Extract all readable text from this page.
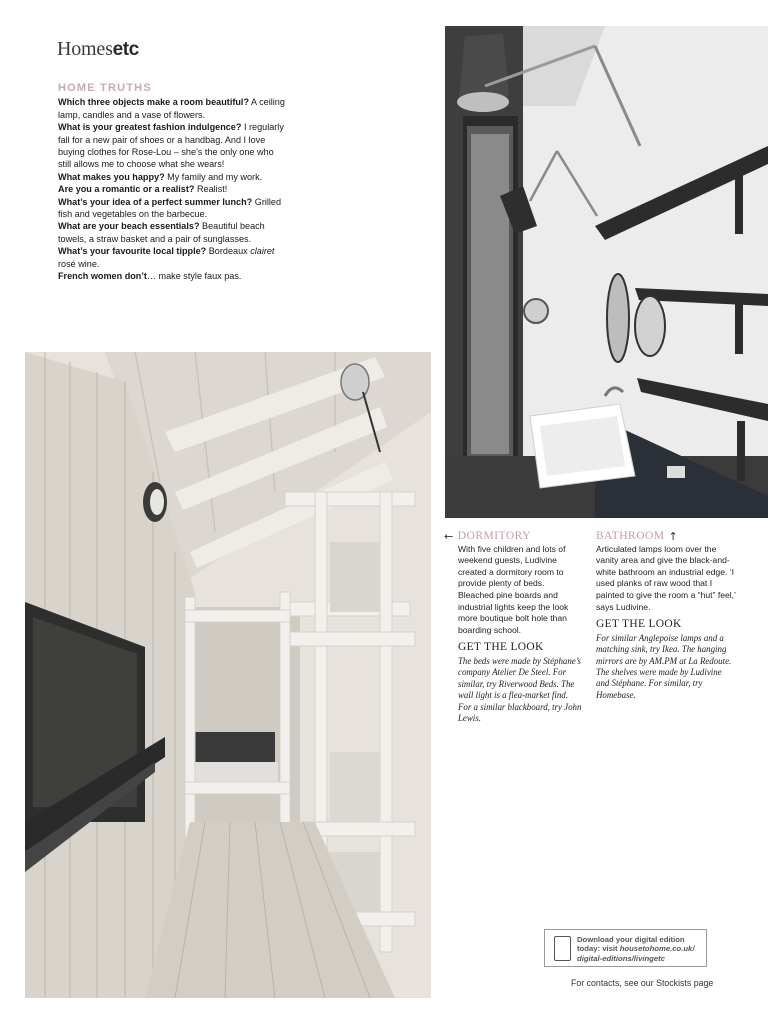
Homesetc
HOME TRUTHS

Which three objects make a room beautiful? A ceiling lamp, candles and a vase of flowers.

What is your greatest fashion indulgence? I regularly fall for a new pair of shoes or a handbag. And I love buying clothes for Rose-Lou – she’s the only one who still allows me to choose what she wears!

What makes you happy? My family and my work.

Are you a romantic or a realist? Realist!

What’s your idea of a perfect summer lunch? Grilled fish and vegetables on the barbecue.

What are your beach essentials? Beautiful beach towels, a straw basket and a pair of sunglasses.

What’s your favourite local tipple? Bordeaux clairet rosé wine.

French women don’t… make style faux pas.

← DORMITORY
With five children and lots of weekend guests, Ludivine created a dormitory room to provide plenty of beds. Bleached pine boards and industrial lights keep the look more boutique bolt hole than boarding school.
GET THE LOOK
The beds were made by Stéphane’s company Atelier De Steel. For similar, try Riverwood Beds. The wall light is a flea-market find. For a similar blackboard, try John Lewis.
BATHROOM ↑
Articulated lamps loom over the vanity area and give the black-and-white bathroom an industrial edge. ‘I used planks of raw wood that I painted to give the room a “hut” feel,’ says Ludivine.
GET THE LOOK
For similar Anglepoise lamps and a matching sink, try Ikea. The hanging mirrors are by AM.PM at La Redoute. The shelves were made by Ludivine and Stéphane. For similar, try Homebase.
Download your digital edition
today: visit housetohome.co.uk/ digital-editions/livingetc
For contacts, see our Stockists page
